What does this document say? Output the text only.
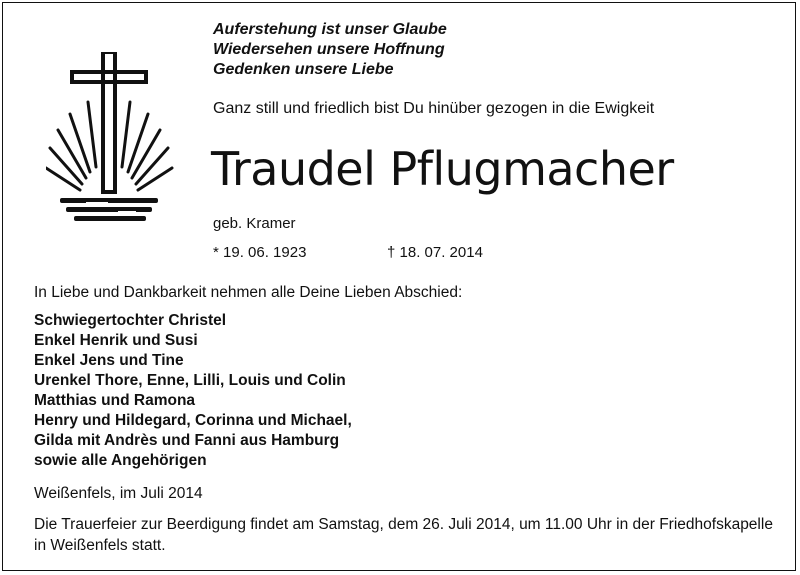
Auferstehung ist unser Glaube
Wiedersehen unsere Hoffnung
Gedenken unsere Liebe
Ganz still und friedlich bist Du hinüber gezogen in die Ewigkeit
Traudel Pflugmacher
geb. Kramer
* 19. 06. 1923	† 18. 07. 2014
In Liebe und Dankbarkeit nehmen alle Deine Lieben Abschied:
Schwiegertochter Christel
Enkel Henrik und Susi
Enkel Jens und Tine
Urenkel Thore, Enne, Lilli, Louis und Colin
Matthias und Ramona
Henry und Hildegard, Corinna und Michael,
Gilda mit Andrès und Fanni aus Hamburg
sowie alle Angehörigen
Weißenfels, im Juli 2014
Die Trauerfeier zur Beerdigung findet am Samstag, dem 26. Juli 2014, um 11.00 Uhr in der Friedhofskapelle in Weißenfels statt.
